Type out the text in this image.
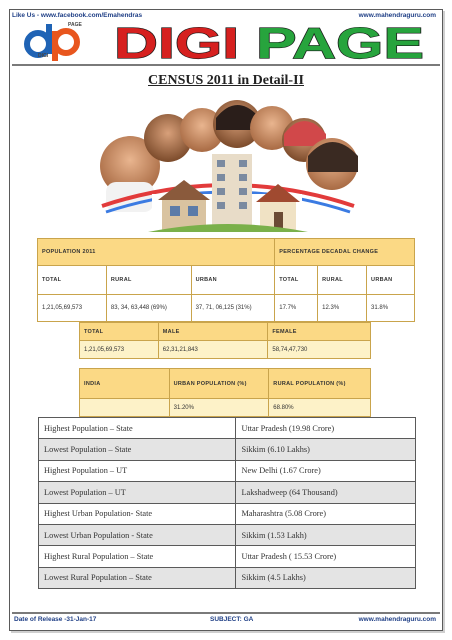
Like Us - www.facebook.com/Emahendras	www.mahendraguru.com
DIGI
PAGE DIGI PAGE
CENSUS 2011 in Detail-II
POPULATION 2011			PERCENTAGE DECADAL CHANGE		
TOTAL	RURAL	URBAN	TOTAL	RURAL	URBAN
1,21,05,69,573	83, 34, 63,448 (69%)	37, 71, 06,125 (31%)	17.7%	12.3%	31.8%
TOTAL	MALE	FEMALE
1,21,05,69,573	62,31,21,843	58,74,47,730
INDIA	URBAN POPULATION (%)	RURAL POPULATION (%)
	31.20%	68.80%
Highest Population – State	Uttar Pradesh (19.98 Crore)
Lowest Population – State	Sikkim (6.10 Lakhs)
Highest Population – UT	New Delhi (1.67 Crore)
Lowest Population – UT	Lakshadweep (64 Thousand)
Highest Urban Population- State	Maharashtra (5.08 Crore)
Lowest Urban Population - State	Sikkim (1.53 Lakh)
Highest Rural Population – State	Uttar Pradesh ( 15.53 Crore)
Lowest Rural Population – State	Sikkim (4.5 Lakhs)
Date of Release -31-Jan-17	SUBJECT: GA	www.mahendraguru.com
